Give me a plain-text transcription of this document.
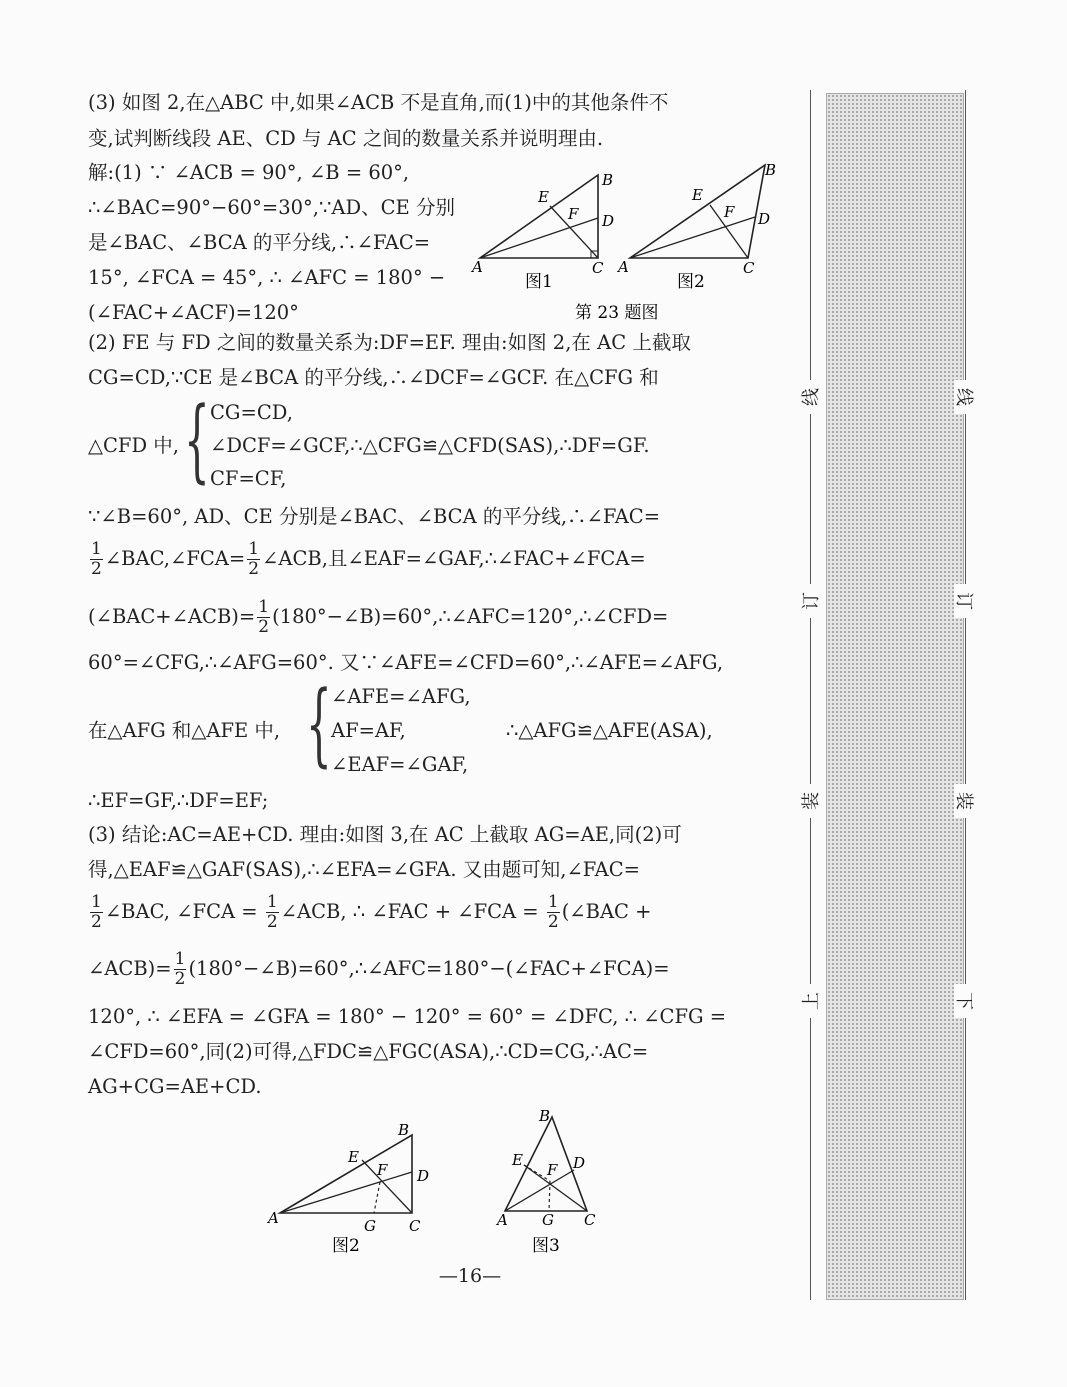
(3) 如图 2,在△ABC 中,如果∠ACB 不是直角,而(1)中的其他条件不
变,试判断线段 AE、CD 与 AC 之间的数量关系并说明理由.
解:(1) ∵ ∠ACB = 90°, ∠B = 60°,
∴∠BAC=90°−60°=30°,∵AD、CE 分别
是∠BAC、∠BCA 的平分线,∴∠FAC=
15°, ∠FCA = 45°, ∴ ∠AFC = 180° −
(∠FAC+∠ACF)=120°
A
B
C
D
E
F
图1
A
B
C
D
E
F
图2
第 23 题图
(2) FE 与 FD 之间的数量关系为:DF=EF. 理由:如图 2,在 AC 上截取
CG=CD,∵CE 是∠BCA 的平分线,∴∠DCF=∠GCF. 在△CFG 和
△CFD 中, { CG=CD,
∠DCF=∠GCF,∴△CFG≌△CFD(SAS),∴DF=GF.
CF=CF,
∵∠B=60°, AD、CE 分别是∠BAC、∠BCA 的平分线,∴∠FAC=
$\frac{1}{2}$ ∠BAC,∠FCA= $\frac{1}{2}$ ∠ACB,且∠EAF=∠GAF,∴∠FAC+∠FCA=
(∠BAC+∠ACB)= $\frac{1}{2}$ (180°−∠B)=60°,∴∠AFC=120°,∴∠CFD=
60°=∠CFG,∴∠AFG=60°. 又∵∠AFE=∠CFD=60°,∴∠AFE=∠AFG,
在△AFG 和△AFE 中, { ∠AFE=∠AFG,
AF=AF,	∴△AFG≌△AFE(ASA),
∠EAF=∠GAF,
∴EF=GF,∴DF=EF;
(3) 结论:AC=AE+CD. 理由:如图 3,在 AC 上截取 AG=AE,同(2)可
得,△EAF≌△GAF(SAS),∴∠EFA=∠GFA. 又由题可知,∠FAC=
$\frac{1}{2}$ ∠BAC, ∠FCA = $\frac{1}{2}$ ∠ACB, ∴ ∠FAC + ∠FCA = $\frac{1}{2}$ (∠BAC +
∠ACB)= $\frac{1}{2}$ (180°−∠B)=60°,∴∠AFC=180°−(∠FAC+∠FCA)=
120°, ∴ ∠EFA = ∠GFA = 180° − 120° = 60° = ∠DFC, ∴ ∠CFG =
∠CFD=60°,同(2)可得,△FDC≌△FGC(ASA),∴CD=CG,∴AC=
AG+CG=AE+CD.
A
B
C
D
E
F
G
图2
A
B
C
D
E
F
G
图3
—16—
线
订
装
上
线
订
装
下
